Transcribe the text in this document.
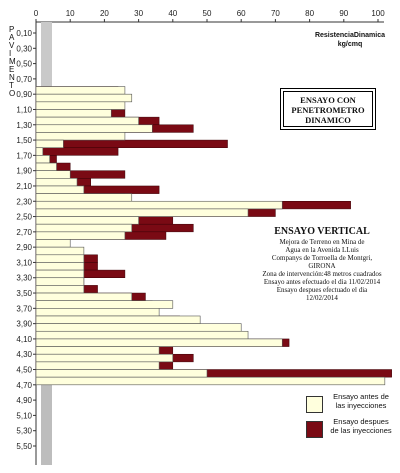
0	10	20	30	40	50	60	70	80	90	100
P A V I M E N T O
0,10
0,30
0,50
0,70
0,90
1,10
1,30
1,50
1,70
1,90
2,10
2,30
2,50
2,70
2,90
3,10
3,30
3,50
3,70
3,90
4,10
4,30
4,50
4,70
4,90
5,10
5,30
5,50
ResistenciaDinamica
kg/cmq
ENSAYO CON
PENETROMETRO
DINAMICO
ENSAYO VERTICAL
Mejora de Terreno en Mina de
Agua en la Avenida LLuis
Companys de Torroella de Montgri,
GIRONA
Zona de intervención:48 metros cuadrados
Ensayo antes efectuado el dia 11/02/2014
Ensayo despues efectuado el dia 12/02/2014
Ensayo antes de las inyecciones
Ensayo despues de las inyecciones
